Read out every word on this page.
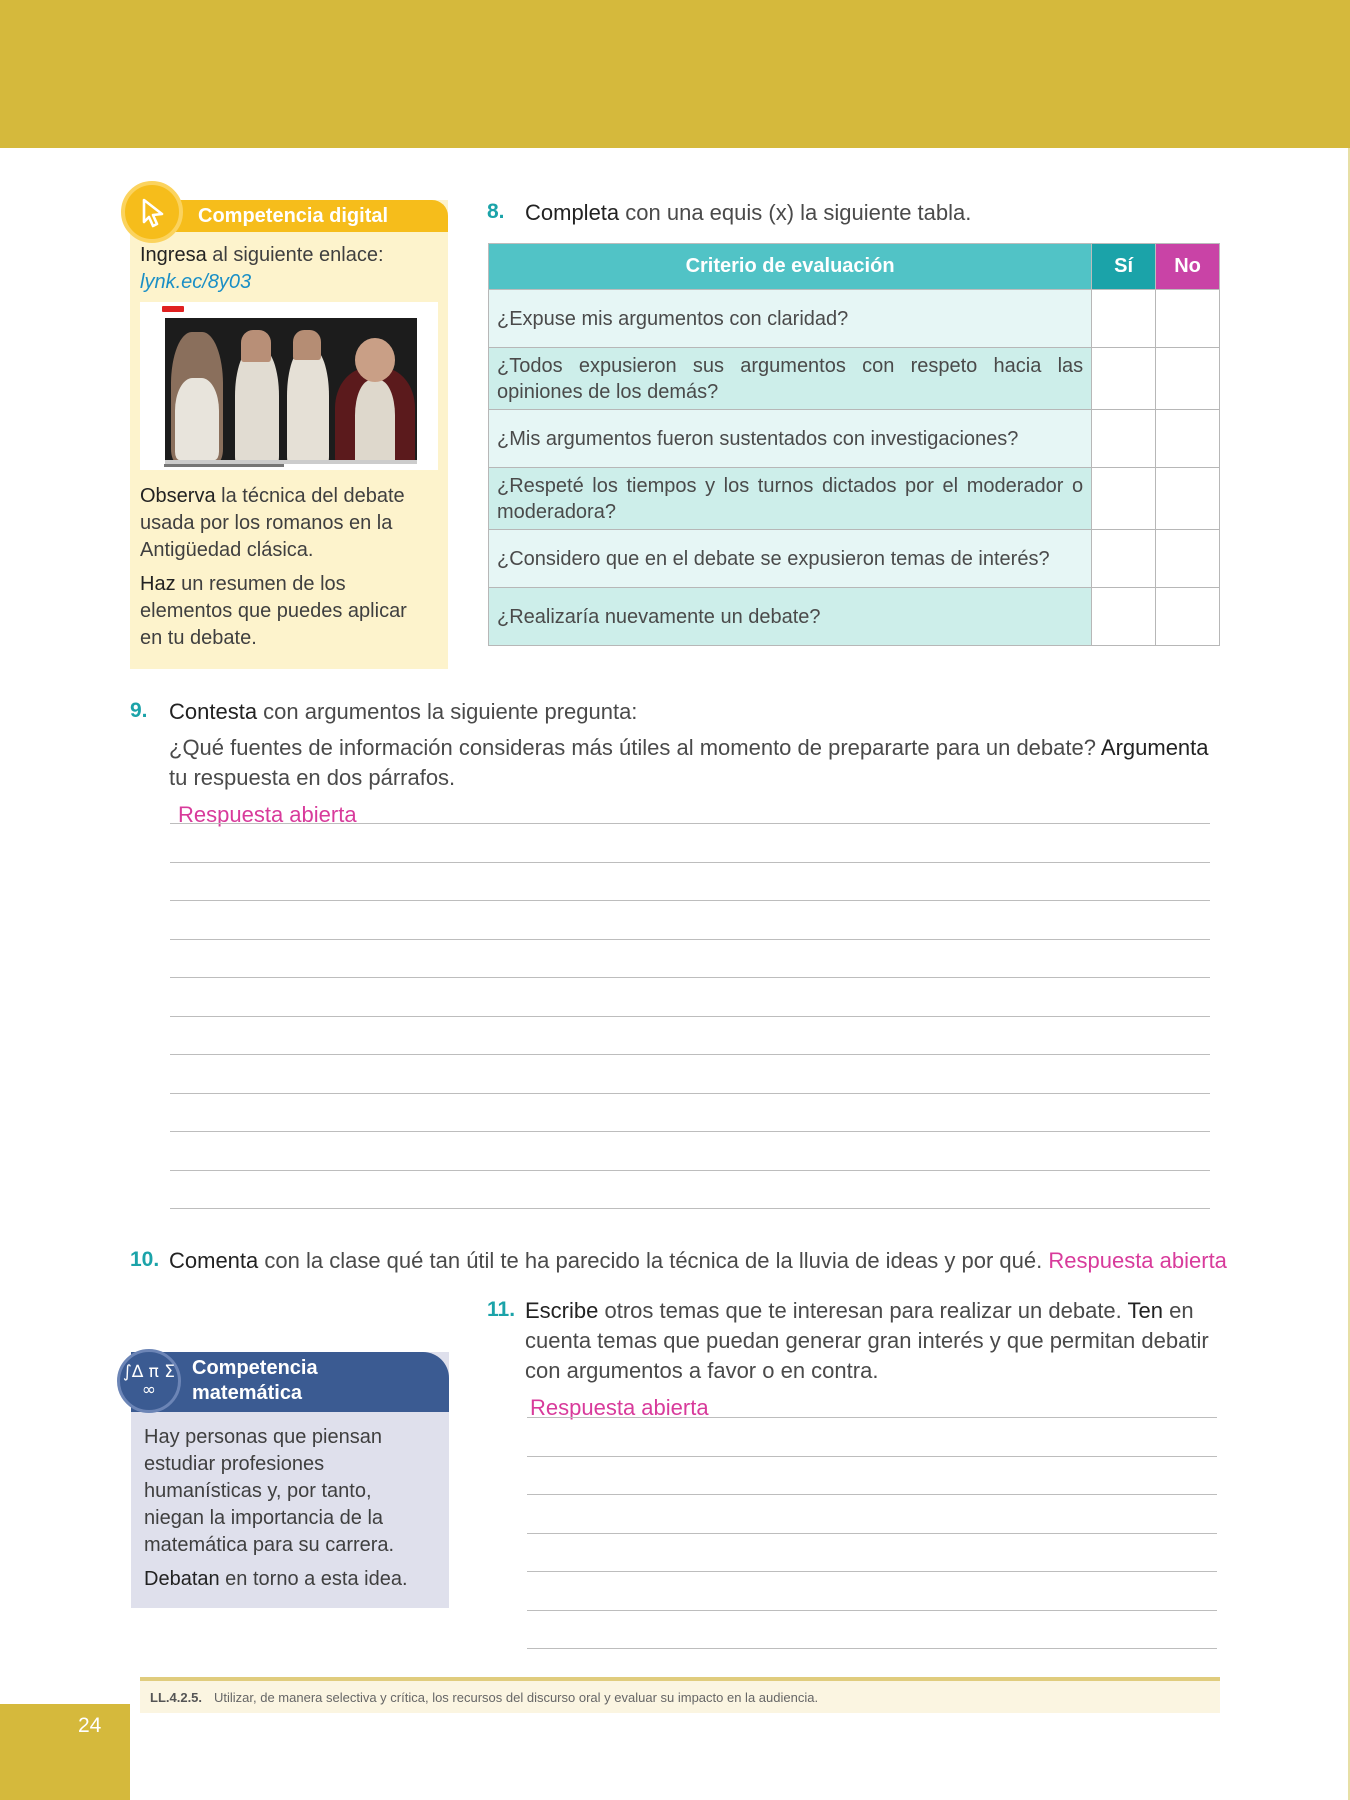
Competencia digital
Ingresa al siguiente enlace:
lynk.ec/8y03
Observa la técnica del debate usada por los romanos en la Antigüedad clásica.
Haz un resumen de los elementos que puedes aplicar en tu debate.
8. Completa con una equis (x) la siguiente tabla.
Criterio de evaluación	Sí	No
¿Expuse mis argumentos con claridad?		
¿Todos expusieron sus argumentos con respeto hacia las opiniones de los demás?		
¿Mis argumentos fueron sustentados con investigaciones?		
¿Respeté los tiempos y los turnos dictados por el moderador o moderadora?		
¿Considero que en el debate se expusieron temas de interés?		
¿Realizaría nuevamente un debate?		
9. Contesta con argumentos la siguiente pregunta:
¿Qué fuentes de información consideras más útiles al momento de prepararte para un debate? Argumenta tu respuesta en dos párrafos.
Respuesta abierta
10. Comenta con la clase qué tan útil te ha parecido la técnica de la lluvia de ideas y por qué. Respuesta abierta
11. Escribe otros temas que te interesan para realizar un debate. Ten en cuenta temas que puedan generar gran interés y que permitan debatir con argumentos a favor o en contra.
Respuesta abierta
Competencia matemática
Hay personas que piensan estudiar profesiones humanísticas y, por tanto, niegan la importancia de la matemática para su carrera.
Debatan en torno a esta idea.
∫∆ π Σ ∞
LL.4.2.5. Utilizar, de manera selectiva y crítica, los recursos del discurso oral y evaluar su impacto en la audiencia.
24
